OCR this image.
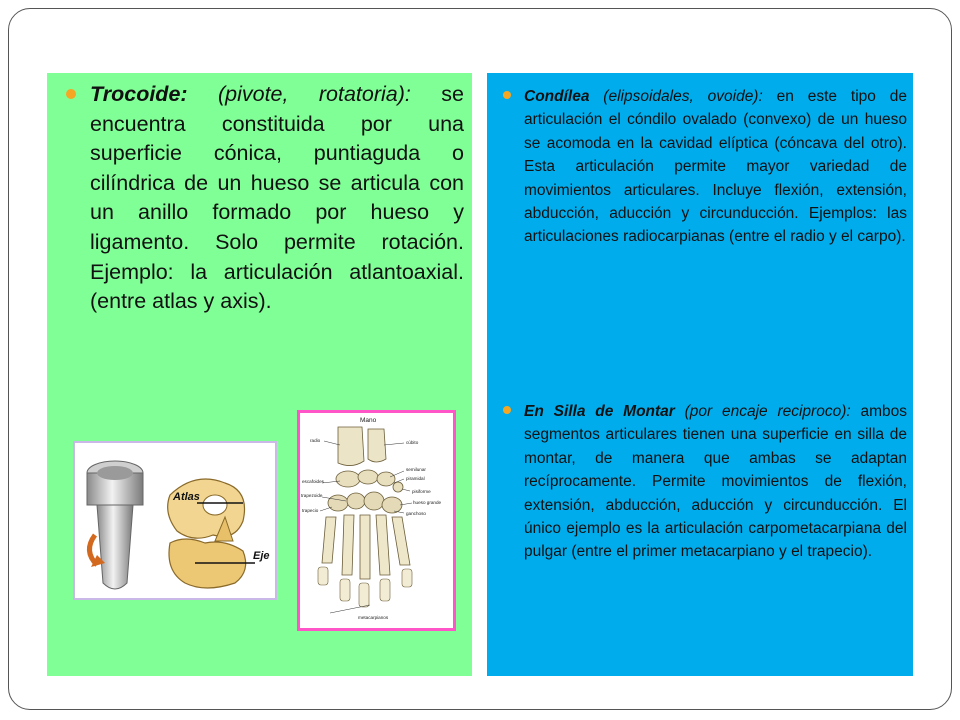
Trocoide: (pivote, rotatoria): se encuentra constituida por una superficie cónica, puntiaguda o cilíndrica de un hueso se articula con un anillo formado por hueso y ligamento. Solo permite rotación. Ejemplo: la articulación atlantoaxial. (entre atlas y axis).
Condílea (elipsoidales, ovoide): en este tipo de articulación el cóndilo ovalado (convexo) de un hueso se acomoda en la cavidad elíptica (cóncava del otro). Esta articulación permite mayor variedad de movimientos articulares. Incluye flexión, extensión, abducción, aducción y circunducción. Ejemplos: las articulaciones radiocarpianas (entre el radio y el carpo).
En Silla de Montar (por encaje reciproco): ambos segmentos articulares tienen una superficie en silla de montar, de manera que ambas se adaptan recíprocamente. Permite movimientos de flexión, extensión, abducción, aducción y circunducción. El único ejemplo es la articulación carpometacarpiana del pulgar (entre el primer metacarpiano y el trapecio).
Atlas
Eje
Mano
radio	cúbito
semilunar
piramidal
escafoides
pisiforme
trapezoide
hueso grande
trapecio
ganchoso
metacarpianos
